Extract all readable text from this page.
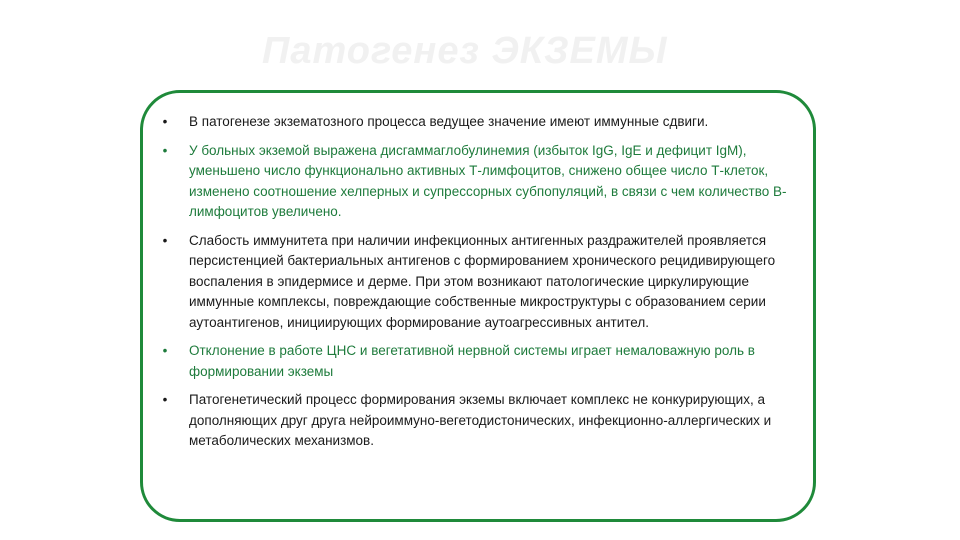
Патогенез ЭКЗЕМЫ
• В патогенезе экзематозного процесса ведущее значение имеют иммунные сдвиги.
• У больных экземой выражена дисгаммаглобулинемия (избыток IgG, IgE и дефицит IgM), уменьшено число функционально активных Т-лимфоцитов, снижено общее число Т-клеток, изменено соотношение хелперных и супрессорных субпопуляций, в связи с чем количество В-лимфоцитов увеличено.
• Слабость иммунитета при наличии инфекционных антигенных раздражителей проявляется персистенцией бактериальных антигенов с формированием хронического рецидивирующего воспаления в эпидермисе и дерме. При этом возникают патологические циркулирующие иммунные комплексы, повреждающие собственные микроструктуры с образованием серии аутоантигенов, инициирующих формирование аутоагрессивных антител.
• Отклонение в работе ЦНС и вегетативной нервной системы играет немаловажную роль в формировании экземы
• Патогенетический процесс формирования экземы включает комплекс не конкурирующих, а дополняющих друг друга нейроиммуно-вегетодистонических, инфекционно-аллергических и метаболических механизмов.
